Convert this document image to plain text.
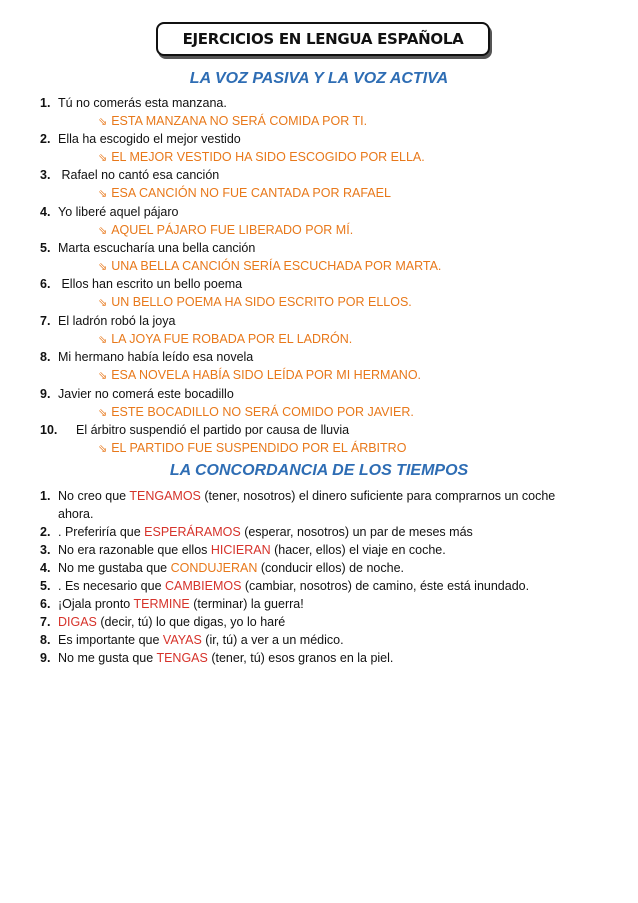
EJERCICIOS EN LENGUA ESPAÑOLA
LA VOZ PASIVA Y LA VOZ ACTIVA
1. Tú no comerás esta manzana.
⇘ ESTA MANZANA NO SERÁ COMIDA POR TI.
2. Ella ha escogido el mejor vestido
⇘ EL MEJOR VESTIDO HA SIDO ESCOGIDO POR ELLA.
3. Rafael no cantó esa canción
⇘ ESA CANCIÓN NO FUE CANTADA POR RAFAEL
4. Yo liberé aquel pájaro
⇘ AQUEL PÁJARO FUE LIBERADO POR MÍ.
5. Marta escucharía una bella canción
⇘ UNA BELLA CANCIÓN SERÍA ESCUCHADA POR MARTA.
6. Ellos han escrito un bello poema
⇘ UN BELLO POEMA HA SIDO ESCRITO POR ELLOS.
7. El ladrón robó la joya
⇘ LA JOYA FUE ROBADA POR EL LADRÓN.
8. Mi hermano había leído esa novela
⇘ ESA NOVELA HABÍA SIDO LEÍDA POR MI HERMANO.
9. Javier no comerá este bocadillo
⇘ ESTE BOCADILLO NO SERÁ COMIDO POR JAVIER.
10. El árbitro suspendió el partido por causa de lluvia
⇘ EL PARTIDO FUE SUSPENDIDO POR EL ÁRBITRO
LA CONCORDANCIA DE LOS TIEMPOS
1. No creo que TENGAMOS (tener, nosotros) el dinero suficiente para comprarnos un coche
ahora.
2. . Preferiría que ESPERÁRAMOS (esperar, nosotros) un par de meses más
3. No era razonable que ellos HICIERAN (hacer, ellos) el viaje en coche.
4. No me gustaba que CONDUJERAN (conducir ellos) de noche.
5. . Es necesario que CAMBIEMOS (cambiar, nosotros) de camino, éste está inundado.
6. ¡Ojala pronto TERMINE (terminar) la guerra!
7. DIGAS (decir, tú) lo que digas, yo lo haré
8. Es importante que VAYAS (ir, tú) a ver a un médico.
9. No me gusta que TENGAS (tener, tú) esos granos en la piel.
